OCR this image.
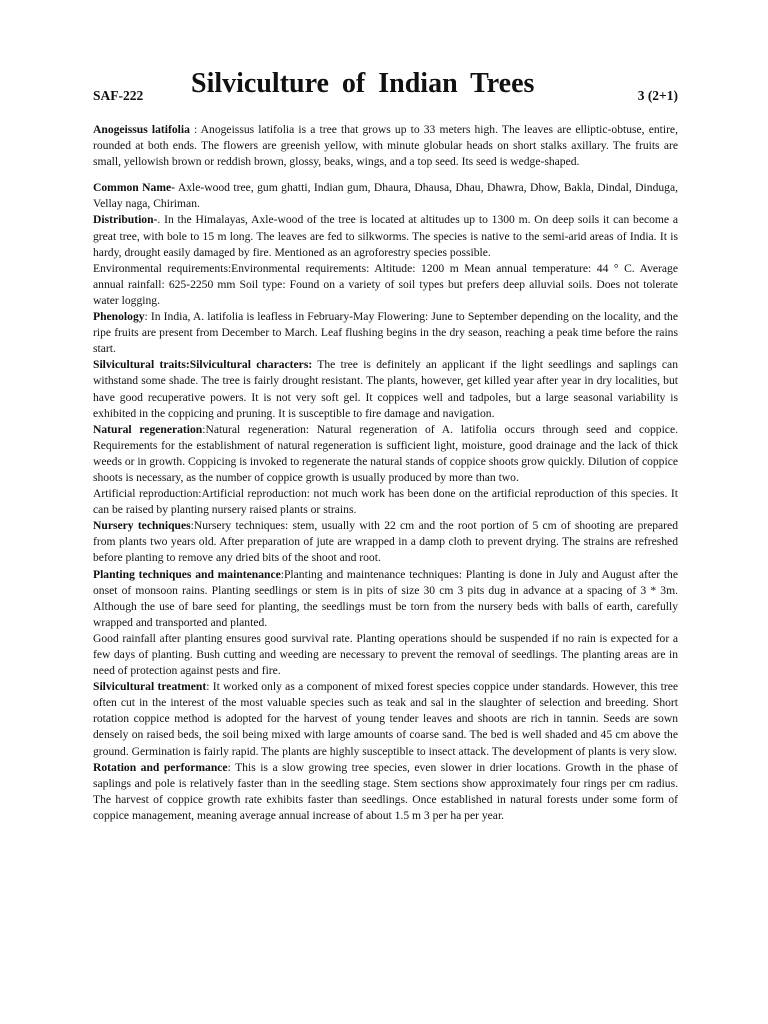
SAF-222 Silviculture of Indian Trees	3 (2+1)

Anogeissus latifolia : Anogeissus latifolia is a tree that grows up to 33 meters high. The leaves are elliptic-obtuse, entire, rounded at both ends. The flowers are greenish yellow, with minute globular heads on short stalks axillary. The fruits are small, yellowish brown or reddish brown, glossy, beaks, wings, and a top seed. Its seed is wedge-shaped.

Common Name- Axle-wood tree, gum ghatti, Indian gum, Dhaura, Dhausa, Dhau, Dhawra, Dhow, Bakla, Dindal, Dinduga, Vellay naga, Chiriman.

Distribution-. In the Himalayas, Axle-wood of the tree is located at altitudes up to 1300 m. On deep soils it can become a great tree, with bole to 15 m long. The leaves are fed to silkworms. The species is native to the semi-arid areas of India. It is hardy, drought easily damaged by fire. Mentioned as an agroforestry species possible.

Environmental requirements:Environmental requirements: Altitude: 1200 m Mean annual temperature: 44 ° C. Average annual rainfall: 625-2250 mm Soil type: Found on a variety of soil types but prefers deep alluvial soils. Does not tolerate water logging.

Phenology: In India, A. latifolia is leafless in February-May Flowering: June to September depending on the locality, and the ripe fruits are present from December to March. Leaf flushing begins in the dry season, reaching a peak time before the rains start.

Silvicultural traits:Silvicultural characters: The tree is definitely an applicant if the light seedlings and saplings can withstand some shade. The tree is fairly drought resistant. The plants, however, get killed year after year in dry localities, but have good recuperative powers. It is not very soft gel. It coppices well and tadpoles, but a large seasonal variability is exhibited in the coppicing and pruning. It is susceptible to fire damage and navigation.

Natural regeneration:Natural regeneration: Natural regeneration of A. latifolia occurs through seed and coppice. Requirements for the establishment of natural regeneration is sufficient light, moisture, good drainage and the lack of thick weeds or in growth. Coppicing is invoked to regenerate the natural stands of coppice shoots grow quickly. Dilution of coppice shoots is necessary, as the number of coppice growth is usually produced by more than two.

Artificial reproduction:Artificial reproduction: not much work has been done on the artificial reproduction of this species. It can be raised by planting nursery raised plants or strains.

Nursery techniques:Nursery techniques: stem, usually with 22 cm and the root portion of 5 cm of shooting are prepared from plants two years old. After preparation of jute are wrapped in a damp cloth to prevent drying. The strains are refreshed before planting to remove any dried bits of the shoot and root.

Planting techniques and maintenance:Planting and maintenance techniques: Planting is done in July and August after the onset of monsoon rains. Planting seedlings or stem is in pits of size 30 cm 3 pits dug in advance at a spacing of 3 * 3m. Although the use of bare seed for planting, the seedlings must be torn from the nursery beds with balls of earth, carefully wrapped and transported and planted.

Good rainfall after planting ensures good survival rate. Planting operations should be suspended if no rain is expected for a few days of planting. Bush cutting and weeding are necessary to prevent the removal of seedlings. The planting areas are in need of protection against pests and fire.

Silvicultural treatment: It worked only as a component of mixed forest species coppice under standards. However, this tree often cut in the interest of the most valuable species such as teak and sal in the slaughter of selection and breeding. Short rotation coppice method is adopted for the harvest of young tender leaves and shoots are rich in tannin. Seeds are sown densely on raised beds, the soil being mixed with large amounts of coarse sand. The bed is well shaded and 45 cm above the ground. Germination is fairly rapid. The plants are highly susceptible to insect attack. The development of plants is very slow.

Rotation and performance: This is a slow growing tree species, even slower in drier locations. Growth in the phase of saplings and pole is relatively faster than in the seedling stage. Stem sections show approximately four rings per cm radius. The harvest of coppice growth rate exhibits faster than seedlings. Once established in natural forests under some form of coppice management, meaning average annual increase of about 1.5 m 3 per ha per year.
